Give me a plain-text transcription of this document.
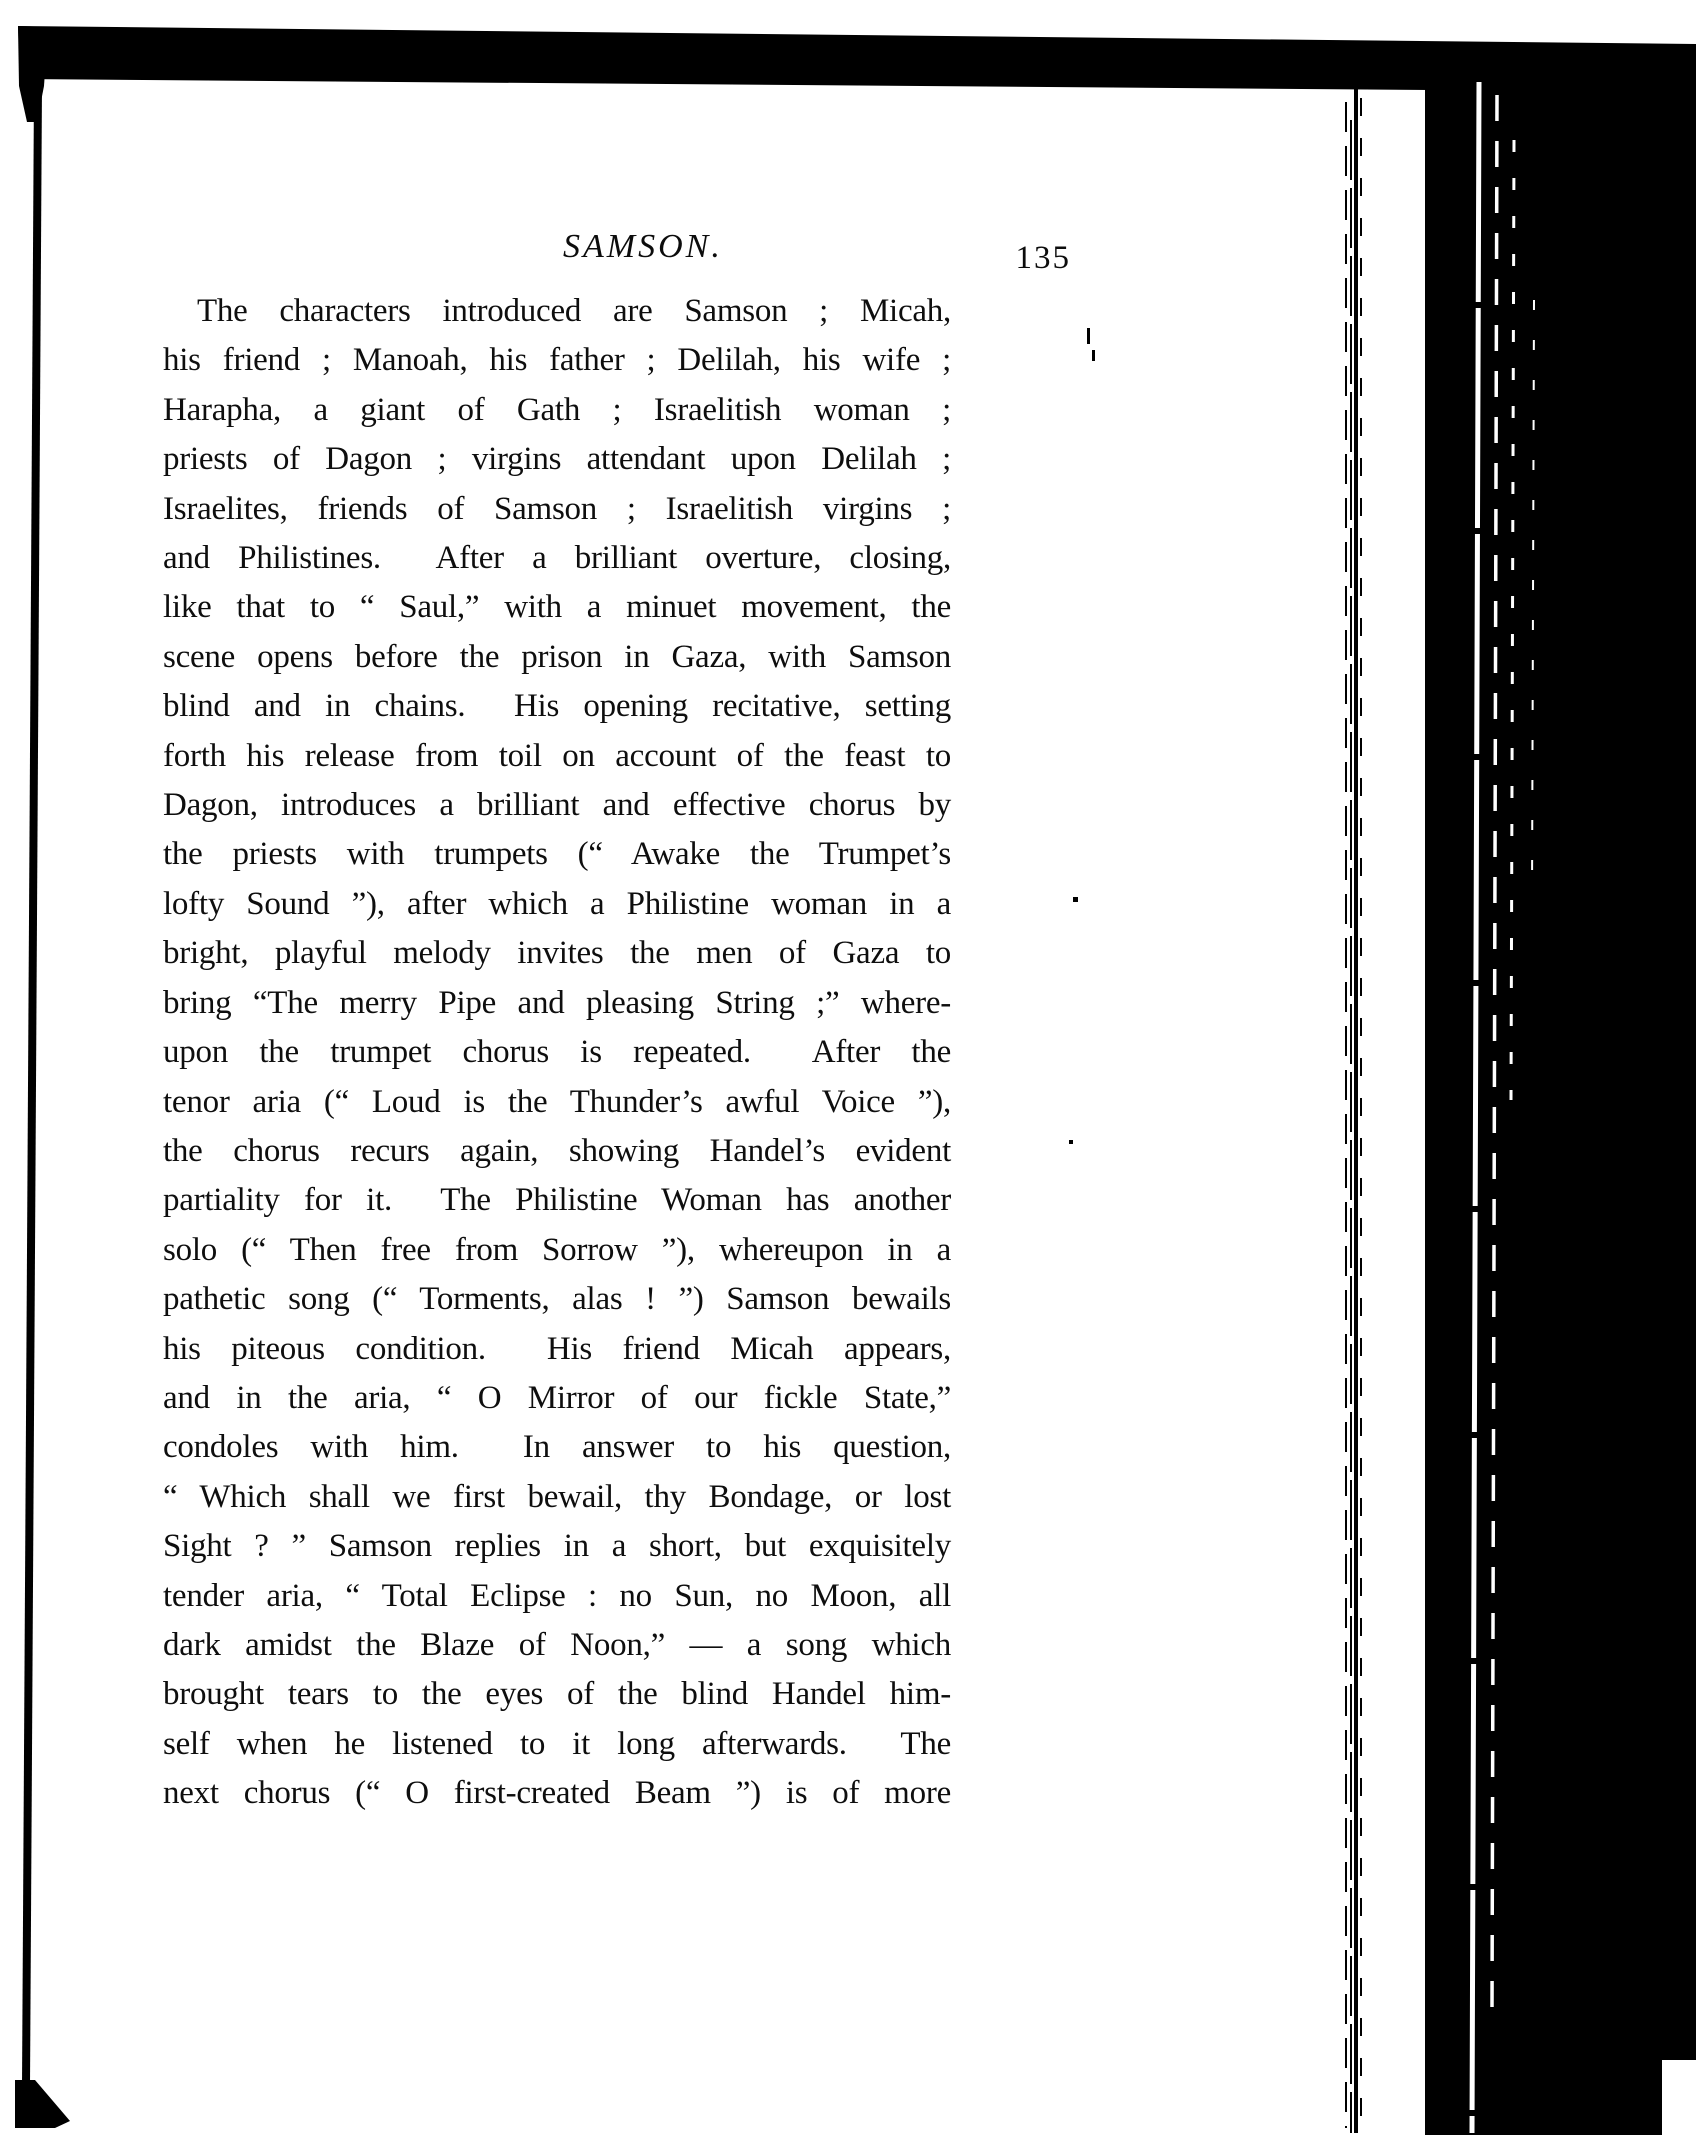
SAMSON.	135
The characters introduced are Samson ; Micah,
his friend ; Manoah, his father ; Delilah, his wife ;
Harapha, a giant of Gath ; Israelitish woman ;
priests of Dagon ; virgins attendant upon Delilah ;
Israelites, friends of Samson ; Israelitish virgins ;
and Philistines.  After a brilliant overture, closing,
like that to “ Saul,” with a minuet movement, the
scene opens before the prison in Gaza, with Samson
blind and in chains.  His opening recitative, setting
forth his release from toil on account of the feast to
Dagon, introduces a brilliant and effective chorus by
the priests with trumpets (“ Awake the Trumpet’s
lofty Sound ”), after which a Philistine woman in a
bright, playful melody invites the men of Gaza to
bring “The merry Pipe and pleasing String ;” where-
upon the trumpet chorus is repeated.  After the
tenor aria (“ Loud is the Thunder’s awful Voice ”),
the chorus recurs again, showing Handel’s evident
partiality for it.  The Philistine Woman has another
solo (“ Then free from Sorrow ”), whereupon in a
pathetic song (“ Torments, alas ! ”) Samson bewails
his piteous condition.  His friend Micah appears,
and in the aria, “ O Mirror of our fickle State,”
condoles with him.  In answer to his question,
“ Which shall we first bewail, thy Bondage, or lost
Sight ? ” Samson replies in a short, but exquisitely
tender aria, “ Total Eclipse : no Sun, no Moon, all
dark amidst the Blaze of Noon,” — a song which
brought tears to the eyes of the blind Handel him-
self when he listened to it long afterwards.  The
next chorus (“ O first-created Beam ”) is of more
